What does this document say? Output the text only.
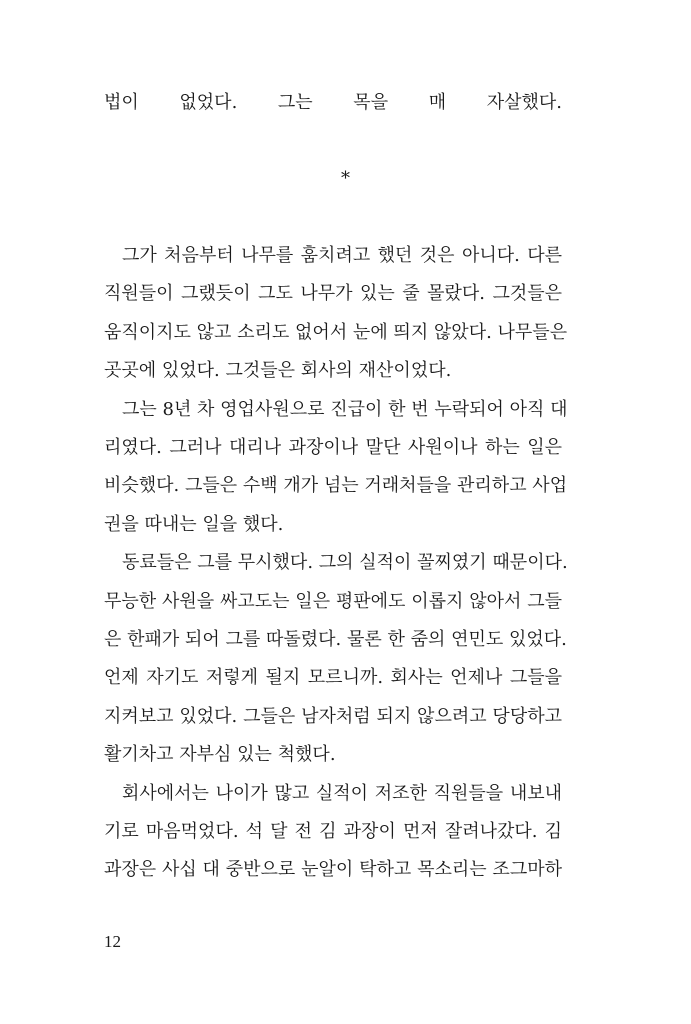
법이 없었다. 그는 목을 매 자살했다.
*
그가 처음부터 나무를 훔치려고 했던 것은 아니다. 다른
직원들이 그랬듯이 그도 나무가 있는 줄 몰랐다. 그것들은
움직이지도 않고 소리도 없어서 눈에 띄지 않았다. 나무들은
곳곳에 있었다. 그것들은 회사의 재산이었다.
그는 8년 차 영업사원으로 진급이 한 번 누락되어 아직 대
리였다. 그러나 대리나 과장이나 말단 사원이나 하는 일은
비슷했다. 그들은 수백 개가 넘는 거래처들을 관리하고 사업
권을 따내는 일을 했다.
동료들은 그를 무시했다. 그의 실적이 꼴찌였기 때문이다.
무능한 사원을 싸고도는 일은 평판에도 이롭지 않아서 그들
은 한패가 되어 그를 따돌렸다. 물론 한 줌의 연민도 있었다.
언제 자기도 저렇게 될지 모르니까. 회사는 언제나 그들을
지켜보고 있었다. 그들은 남자처럼 되지 않으려고 당당하고
활기차고 자부심 있는 척했다.
회사에서는 나이가 많고 실적이 저조한 직원들을 내보내
기로 마음먹었다. 석 달 전 김 과장이 먼저 잘려나갔다. 김
과장은 사십 대 중반으로 눈알이 탁하고 목소리는 조그마하
12
